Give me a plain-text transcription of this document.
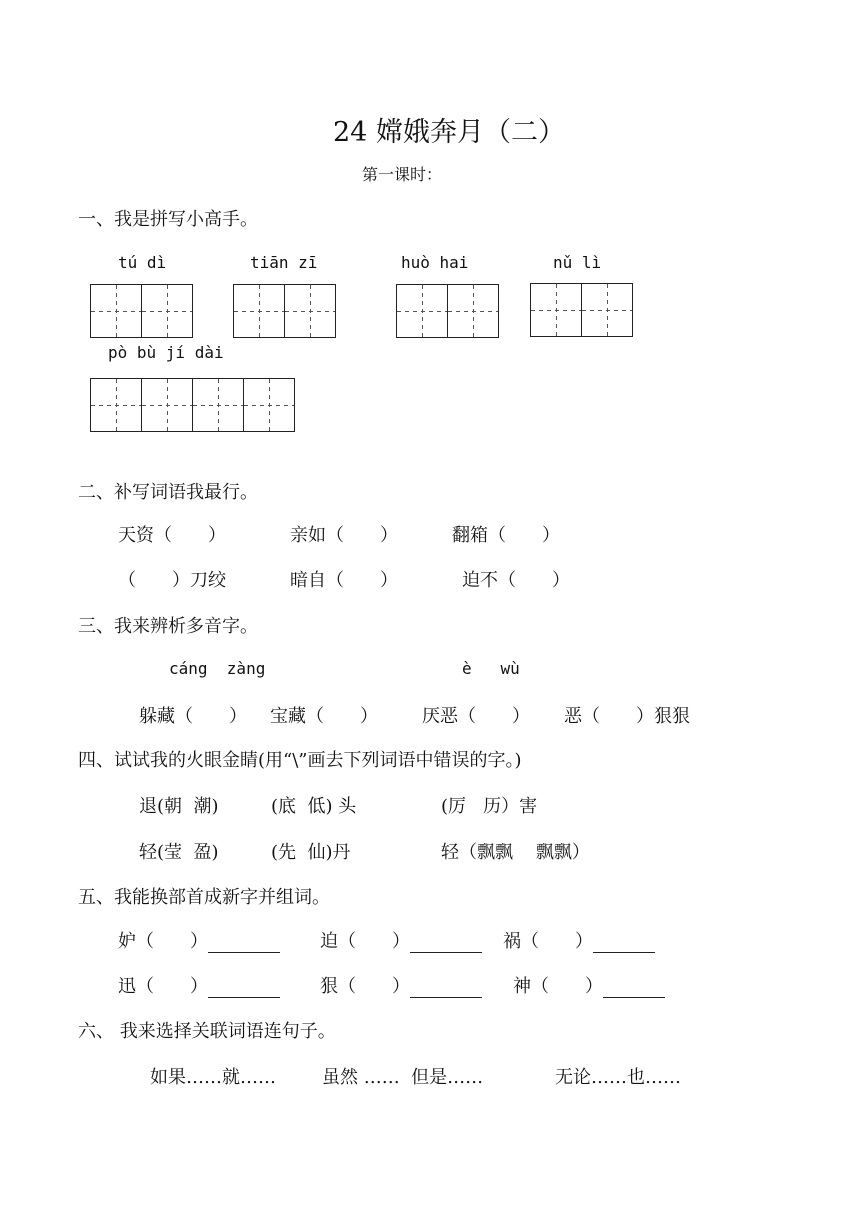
24 嫦娥奔月（二）
第一课时：
一、我是拼写小高手。
tú dì	tiān zī	huò hai	nǔ lì
pò bù jí dài
二、补写词语我最行。
天资（　　）	亲如（　　）	翻箱（　　）
（　　）刀绞	暗自（　　）	迫不（　　）
三、我来辨析多音字。
cáng  zàng	è   wù
躲藏（　　） 宝藏（　　） 厌恶（　　） 恶（　　）狠狠
四、试试我的火眼金睛(用“\”画去下列词语中错误的字。)
退(朝  潮)	(底  低) 头	(厉   历）害
轻(莹  盈)	(先  仙)丹	轻（飘飘    飘飘）
五、我能换部首成新字并组词。
妒（　　）	迫（　　）	祸（　　）
迅（　　）	狠（　　）	神（　　）
六、 我来选择关联词语连句子。
如果……就……	虽然 ……  但是……	无论……也……
